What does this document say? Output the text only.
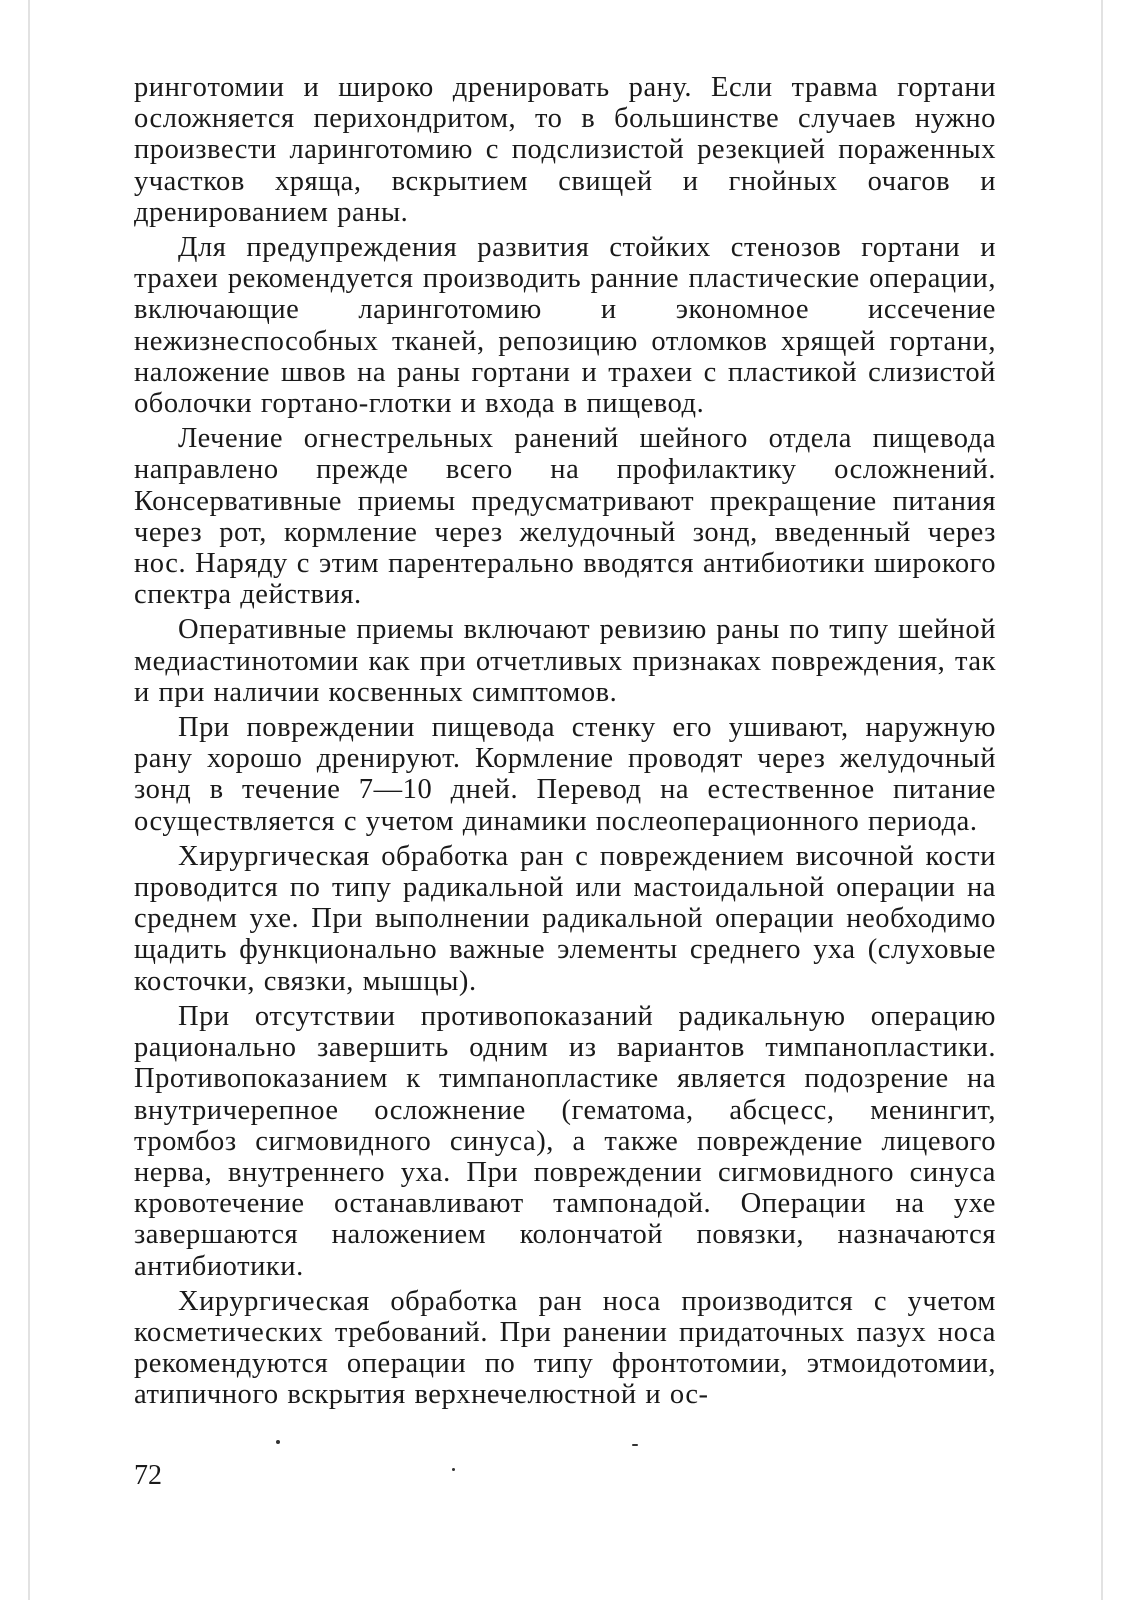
рингoтомии и широко дренировать рану. Если травма гортани осложняется перихондритом, то в большинстве случаев нужно произвести ларинготомию с подслизистой резекцией пораженных участков хряща, вскрытием свищей и гнойных очагов и дренированием раны.

Для предупреждения развития стойких стенозов гортани и трахеи рекомендуется производить ранние пластические операции, включающие ларинготомию и экономное иссечение нежизнеспособных тканей, репозицию отломков хрящей гортани, наложение швов на раны гортани и трахеи с пластикой слизистой оболочки гортано-глотки и входа в пищевод.

Лечение огнестрельных ранений шейного отдела пищевода направлено прежде всего на профилактику осложнений. Консервативные приемы предусматривают прекращение питания через рот, кормление через желудочный зонд, введенный через нос. Наряду с этим парентерально вводятся антибиотики широкого спектра действия.

Оперативные приемы включают ревизию раны по типу шейной медиастинотомии как при отчетливых признаках повреждения, так и при наличии косвенных симптомов.

При повреждении пищевода стенку его ушивают, наружную рану хорошо дренируют. Кормление проводят через желудочный зонд в течение 7—10 дней. Перевод на естественное питание осуществляется с учетом динамики послеоперационного периода.

Хирургическая обработка ран с повреждением височной кости проводится по типу радикальной или мастоидальной операции на среднем ухе. При выполнении радикальной операции необходимо щадить функционально важные элементы среднего уха (слуховые косточки, связки, мышцы).

При отсутствии противопоказаний радикальную операцию рационально завершить одним из вариантов тимпанопластики. Противопоказанием к тимпанопластике является подозрение на внутричерепное осложнение (гематома, абсцесс, менингит, тромбоз сигмовидного синуса), а также повреждение лицевого нерва, внутреннего уха. При повреждении сигмовидного синуса кровотечение останавливают тампонадой. Операции на ухе завершаются наложением колончатой повязки, назначаются антибиотики.

Хирургическая обработка ран носа производится с учетом косметических требований. При ранении придаточных пазух носа рекомендуются операции по типу фронтотомии, этмоидотомии, атипичного вскрытия верхнечелюстной и ос-

72
